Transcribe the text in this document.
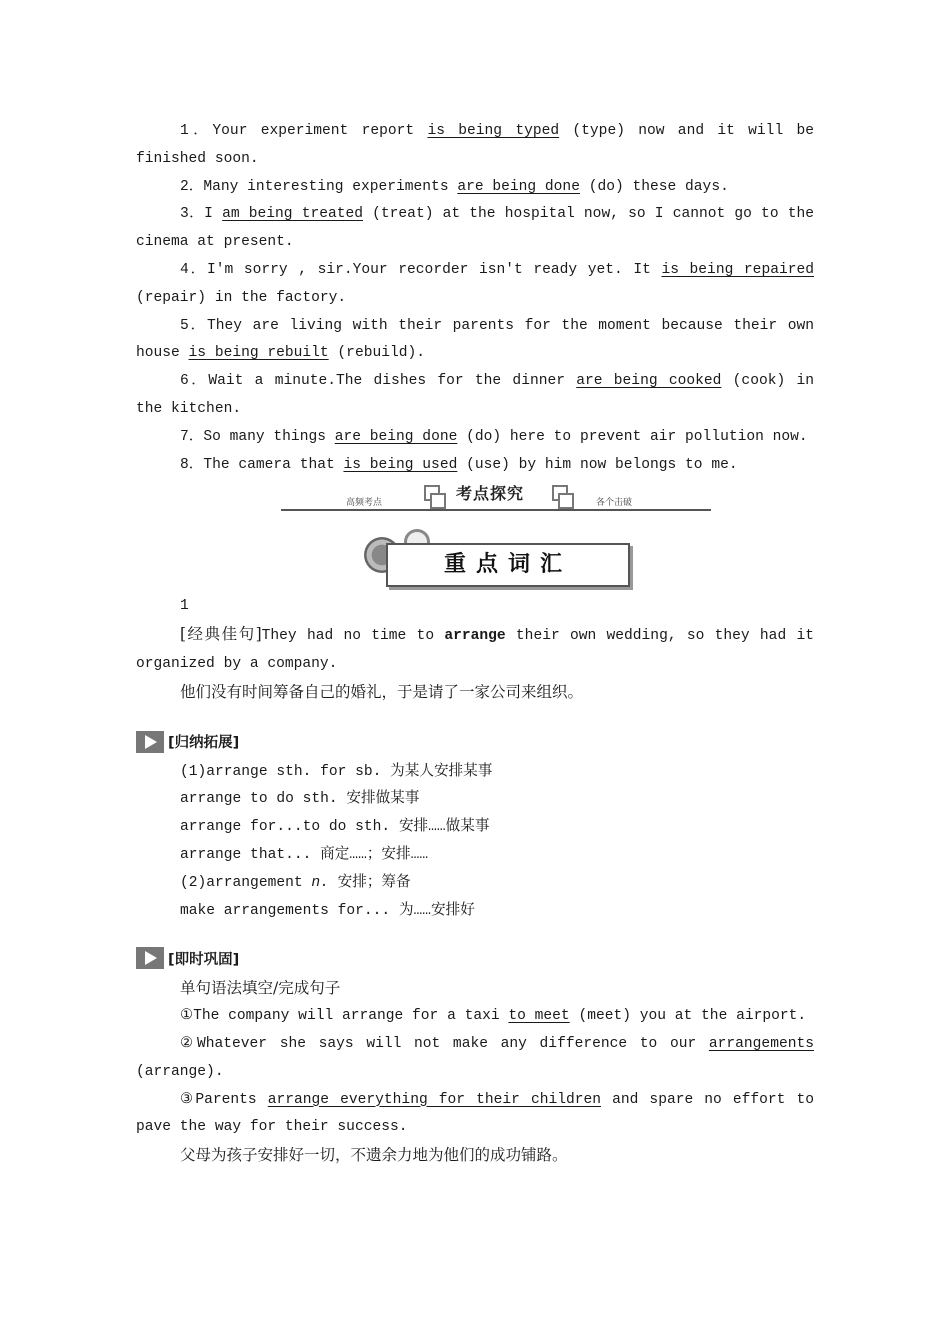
1．Your experiment report is being typed (type) now and it will be finished soon.

2．Many interesting experiments are being done (do) these days.

3．I am being treated (treat) at the hospital now, so I cannot go to the cinema at present.

4．I'm sorry , sir.Your recorder isn't ready yet. It is being repaired (repair) in the factory.

5．They are living with their parents for the moment because their own house is being rebuilt (rebuild).

6．Wait a minute.The dishes for the dinner are being cooked (cook) in the kitchen.

7．So many things are being done (do) here to prevent air pollution now.

8．The camera that is being used (use) by him now belongs to me.

高频考点	考点探究	各个击破
重点词汇

1

[经典佳句]They had no time to arrange their own wedding, so they had it organized by a company.

他们没有时间筹备自己的婚礼，于是请了一家公司来组织。

[归纳拓展]

(1)arrange sth. for sb. 为某人安排某事

arrange to do sth. 安排做某事

arrange for...to do sth. 安排……做某事

arrange that... 商定……；安排……

(2)arrangement n. 安排；筹备

make arrangements for... 为……安排好

[即时巩固]

单句语法填空/完成句子

①The company will arrange for a taxi to meet (meet) you at the airport.

②Whatever she says will not make any difference to our arrangements (arrange).

③Parents arrange everything for their children and spare no effort to pave the way for their success.

父母为孩子安排好一切，不遗余力地为他们的成功铺路。
